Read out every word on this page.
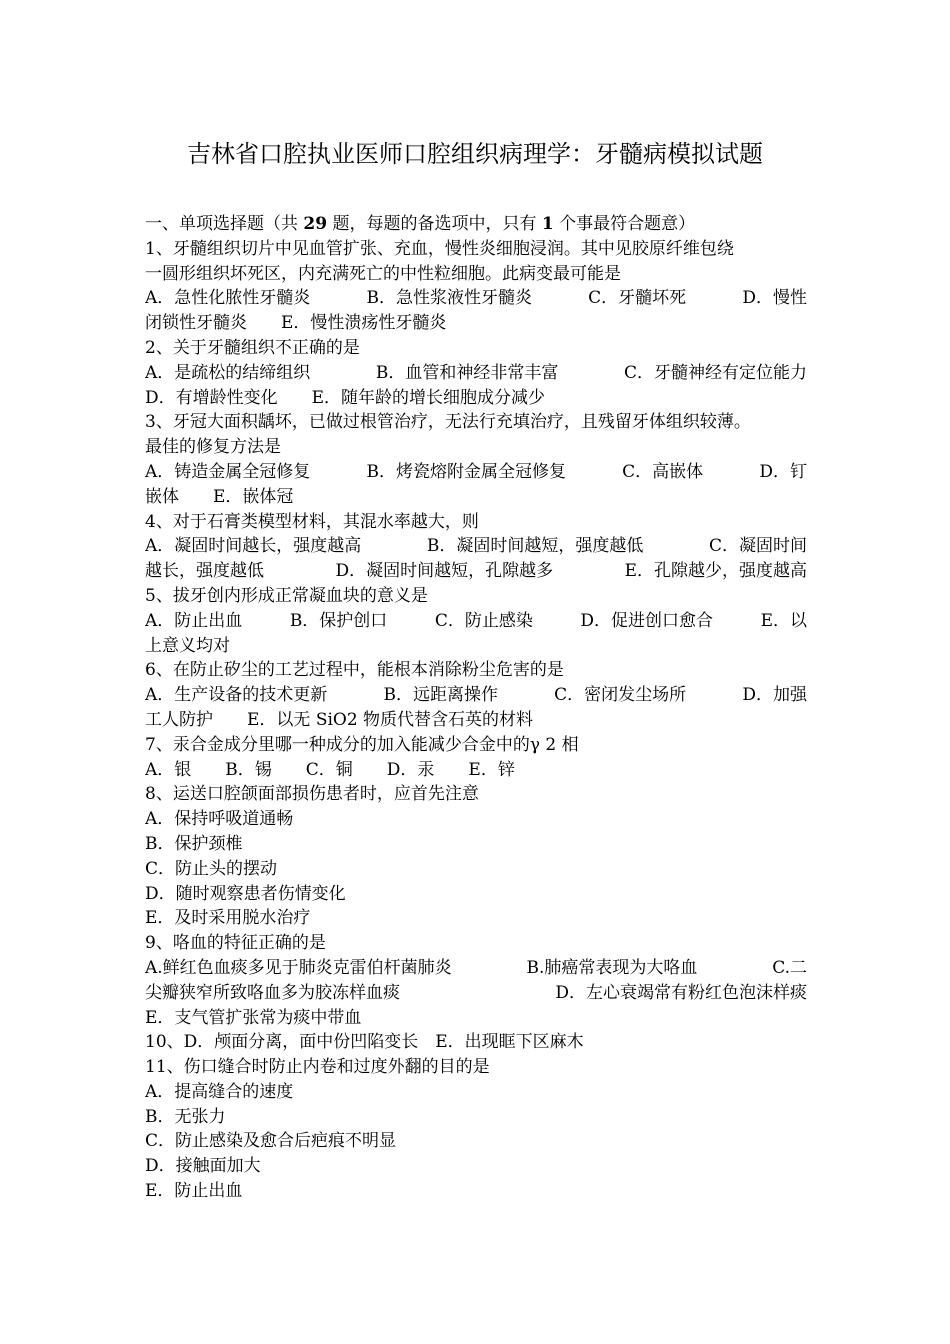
吉林省口腔执业医师口腔组织病理学：牙髓病模拟试题
一、单项选择题（共 29 题，每题的备选项中，只有 1 个事最符合题意）
1、牙髓组织切片中见血管扩张、充血，慢性炎细胞浸润。其中见胶原纤维包绕
一圆形组织坏死区，内充满死亡的中性粒细胞。此病变最可能是
A．急性化脓性牙髓炎	B．急性浆液性牙髓炎	C．牙髓坏死	D．慢性
闭锁性牙髓炎　　E．慢性溃疡性牙髓炎
2、关于牙髓组织不正确的是
A．是疏松的结缔组织	B．血管和神经非常丰富	C．牙髓神经有定位能力
D．有增龄性变化　　E．随年龄的增长细胞成分减少
3、牙冠大面积龋坏，已做过根管治疗，无法行充填治疗，且残留牙体组织较薄。
最佳的修复方法是
A．铸造金属全冠修复	B．烤瓷熔附金属全冠修复	C．高嵌体	D．钉
嵌体　　E．嵌体冠
4、对于石膏类模型材料，其混水率越大，则
A．凝固时间越长，强度越高	B．凝固时间越短，强度越低	C．凝固时间
越长，强度越低	D．凝固时间越短，孔隙越多	E．孔隙越少，强度越高
5、拔牙创内形成正常凝血块的意义是
A．防止出血	B．保护创口	C．防止感染	D．促进创口愈合	E．以
上意义均对
6、在防止矽尘的工艺过程中，能根本消除粉尘危害的是
A．生产设备的技术更新	B．远距离操作	C．密闭发尘场所	D．加强
工人防护　　E．以无 SiO2 物质代替含石英的材料
7、汞合金成分里哪一种成分的加入能减少合金中的γ 2 相
A．银　　B．锡　　C．铜　　D．汞　　E．锌
8、运送口腔颌面部损伤患者时，应首先注意
A．保持呼吸道通畅
B．保护颈椎
C．防止头的摆动
D．随时观察患者伤情变化
E．及时采用脱水治疗
9、咯血的特征正确的是
A.鲜红色血痰多见于肺炎克雷伯杆菌肺炎	B.肺癌常表现为大咯血	C.二
尖瓣狭窄所致咯血多为胶冻样血痰	D．左心衰竭常有粉红色泡沫样痰
E．支气管扩张常为痰中带血
10、D．颅面分离，面中份凹陷变长　E．出现眶下区麻木
11、伤口缝合时防止内卷和过度外翻的目的是
A．提高缝合的速度
B．无张力
C．防止感染及愈合后疤痕不明显
D．接触面加大
E．防止出血
